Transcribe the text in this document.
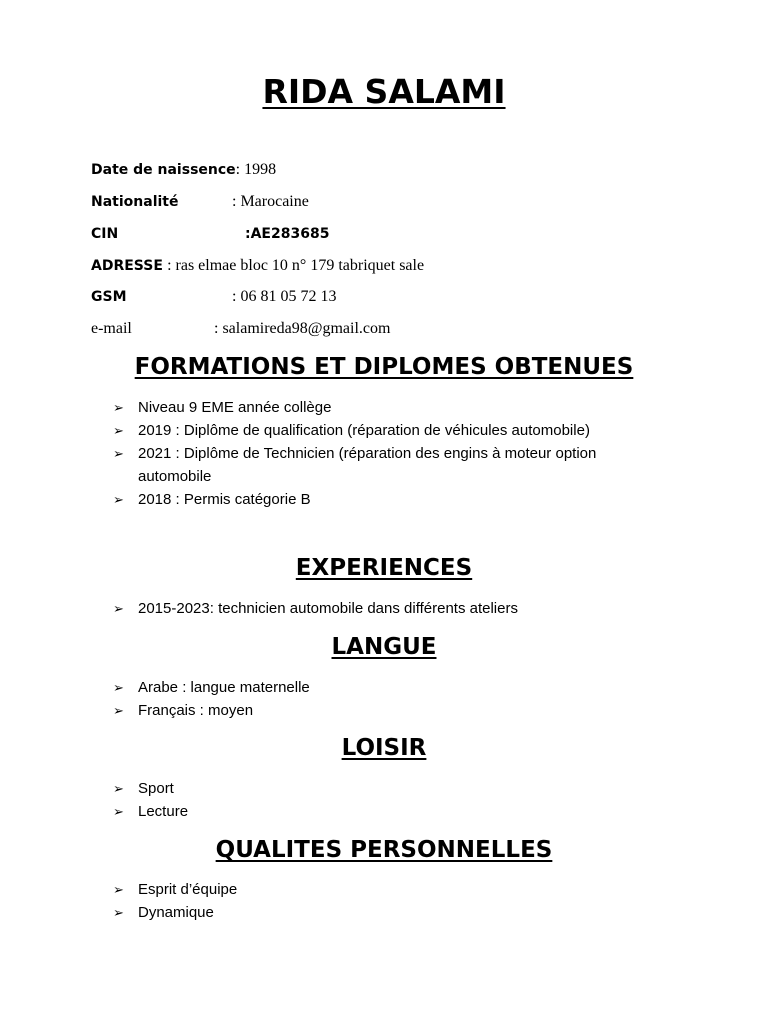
RIDA SALAMI
Date de naissence: 1998
Nationalité	: Marocaine
CIN	:AE283685
ADRESSE : ras elmae bloc 10 n° 179 tabriquet sale
GSM	: 06 81 05 72 13
e-mail	: salamireda98@gmail.com
FORMATIONS ET DIPLOMES OBTENUES
➢ Niveau 9 EME année collège
➢ 2019 : Diplôme de qualification (réparation de véhicules automobile)
➢ 2021 : Diplôme de Technicien (réparation des engins à moteur option automobile
➢ 2018 : Permis catégorie B
EXPERIENCES
➢ 2015-2023: technicien automobile dans différents ateliers
LANGUE
➢ Arabe : langue maternelle
➢ Français : moyen
LOISIR
➢ Sport
➢ Lecture
QUALITES PERSONNELLES
➢ Esprit d’équipe
➢ Dynamique
